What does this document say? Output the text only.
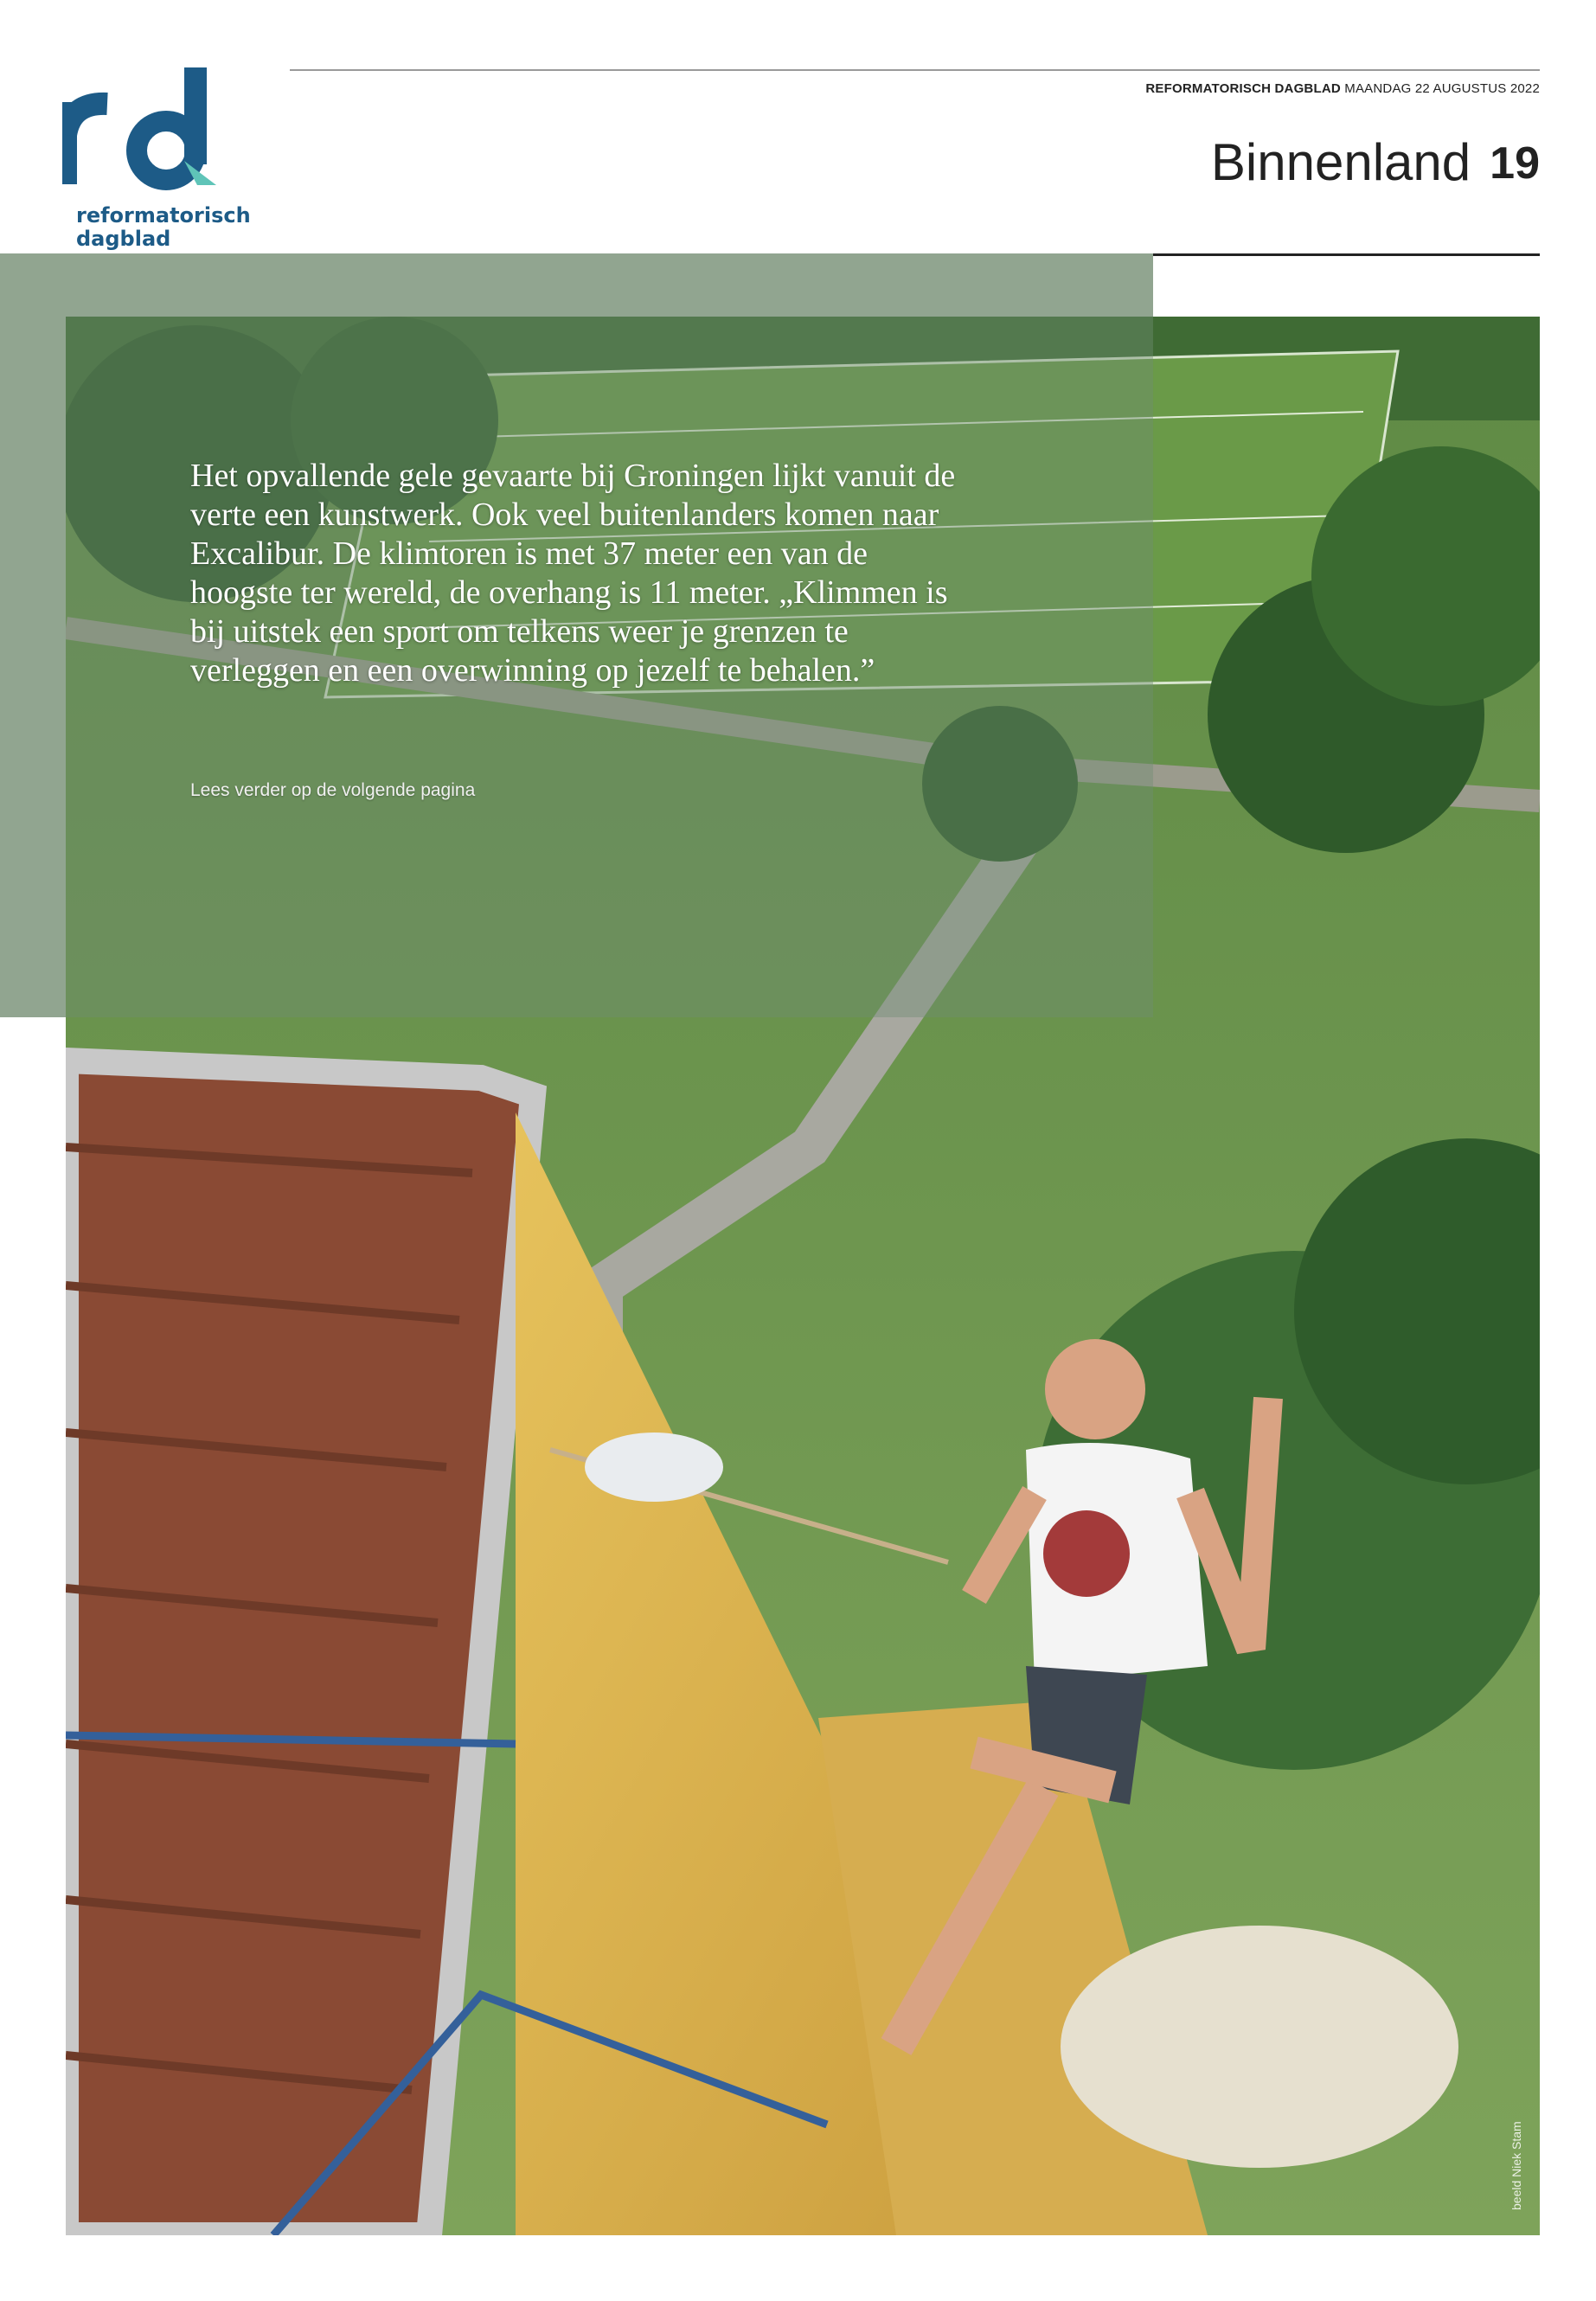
reformatorisch
dagblad
REFORMATORISCH DAGBLAD MAANDAG 22 AUGUSTUS 2022
Binnenland 19
Het opvallende gele gevaarte bij Groningen lijkt vanuit de verte een kunstwerk. Ook veel buitenlanders komen naar Excalibur. De klimtoren is met 37 meter een van de hoogste ter wereld, de overhang is 11 meter. „Klimmen is bij uitstek een sport om telkens weer je grenzen te verleggen en een overwinning op jezelf te behalen.”
Lees verder op de volgende pagina
beeld Niek Stam
